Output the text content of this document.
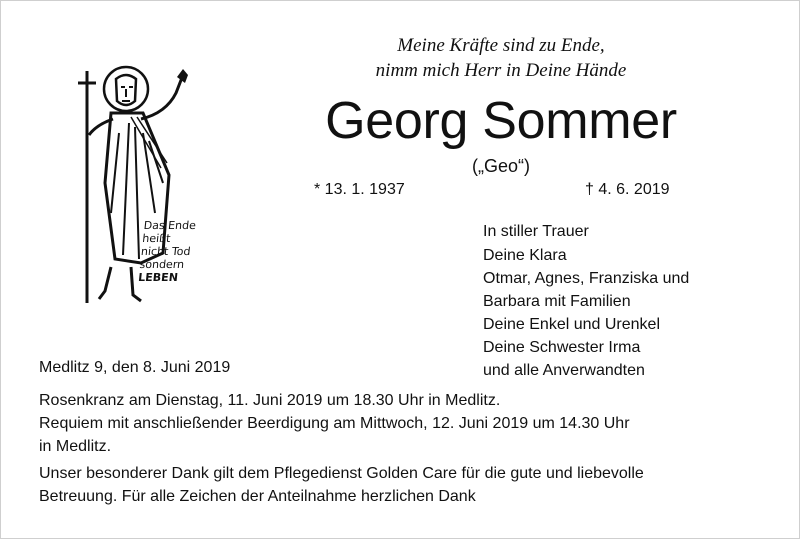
Das Ende
heißt
nicht Tod
sondern
LEBEN
Meine Kräfte sind zu Ende,
nimm mich Herr in Deine Hände
Georg Sommer
(„Geo“)
* 13. 1. 1937	† 4. 6. 2019
In stiller Trauer
Deine Klara
Otmar, Agnes, Franziska und
Barbara mit Familien
Deine Enkel und Urenkel
Deine Schwester Irma
und alle Anverwandten
Medlitz 9, den 8. Juni 2019
Rosenkranz am Dienstag, 11. Juni 2019 um 18.30 Uhr in Medlitz.
Requiem mit anschließender Beerdigung am Mittwoch, 12. Juni 2019 um 14.30 Uhr
in Medlitz.
Unser besonderer Dank gilt dem Pflegedienst Golden Care für die gute und liebevolle
Betreuung. Für alle Zeichen der Anteilnahme herzlichen Dank
